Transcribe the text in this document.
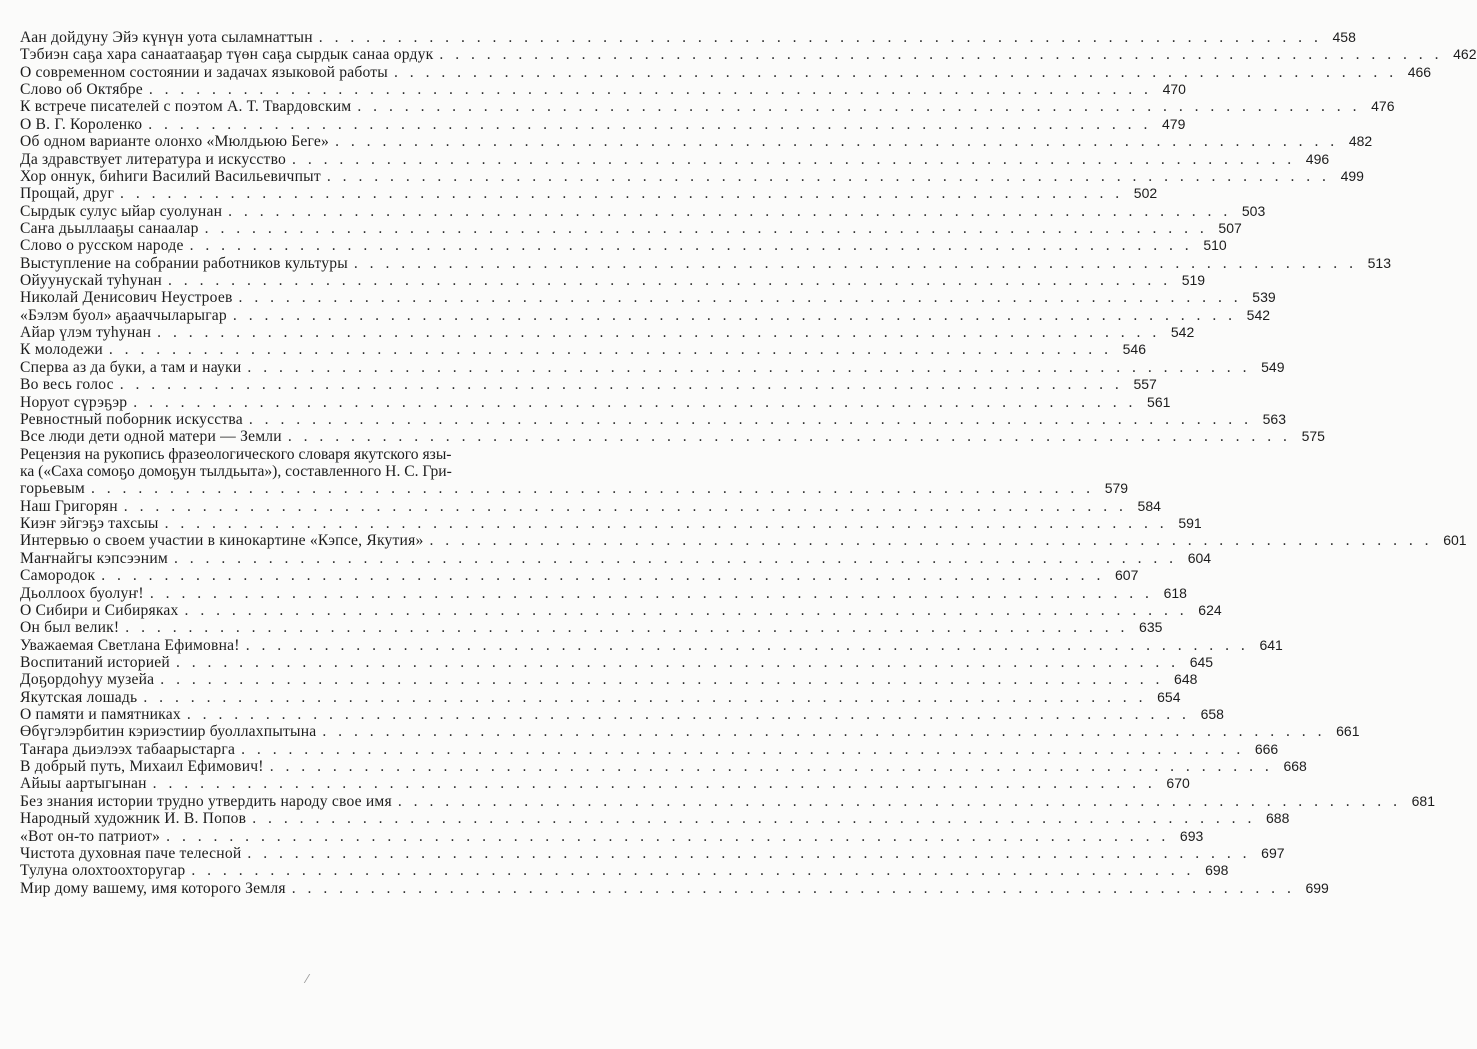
Аан дойдуну Эйэ күнүн уота сыламнаттын . . .	458
Тэбиэн саҕа хара санаатааҕар түөн саҕа сырдык санаа ордук . . .	462
О современном состоянии и задачах языковой работы . . .	466
Слово об Октябре . . .	470
К встрече писателей с поэтом А. Т. Твардовским . . .	476
О В. Г. Короленко . . .	479
Об одном варианте олонхо «Мюлдьюю Беге» . . .	482
Да здравствует литература и искусство . . .	496
Хор оннук, биһиги Василий Васильевичпыт . . .	499
Прощай, друг . . .	502
Сырдык сулус ыйар суолунан . . .	503
Саҥа дьыллааҕы санаалар . . .	507
Слово о русском народе . . .	510
Выступление на собрании работников культуры . . .	513
Ойуунускай туһунан . . .	519
Николай Денисович Неустроев . . .	539
«Бэлэм буол» аҕааччыларыгар . . .	542
Айар үлэм туһунан . . .	542
К молодежи . . .	546
Сперва аз да буки, а там и науки . . .	549
Во весь голос . . .	557
Норуот сүрэҕэр . . .	561
Ревностный поборник искусства . . .	563
Все люди дети одной матери — Земли . . .	575
Рецензия на рукопись фразеологического словаря якутского язы-
ка («Саха сомоҕо домоҕун тылдьыта»), составленного Н. С. Гри-
горьевым . . .	579
Наш Григорян . . .	584
Киэҥ эйгэҕэ тахсыы . . .	591
Интервью о своем участии в кинокартине «Кэпсе, Якутия» . . .	601
Маҥнайгы кэпсээним . . .	604
Самородок . . .	607
Дьоллоох буолуҥ! . . .	618
О Сибири и Сибиряках . . .	624
Он был велик! . . .	635
Уважаемая Светлана Ефимовна! . . .	641
Воспитаний историей . . .	645
Доҕордоһуу музейа . . .	648
Якутская лошадь . . .	654
О памяти и памятниках . . .	658
Өбүгэлэрбитин кэриэстиир буоллахпытына . . .	661
Таҥара дьиэлээх табаарыстарга . . .	666
В добрый путь, Михаил Ефимович! . . .	668
Айыы аартыгынан . . .	670
Без знания истории трудно утвердить народу свое имя . . .	681
Народный художник И. В. Попов . . .	688
«Вот он-то патриот» . . .	693
Чистота духовная паче телесной . . .	697
Тулуна олохтоохторугар . . .	698
Мир дому вашему, имя которого Земля . . .	699
⁄
